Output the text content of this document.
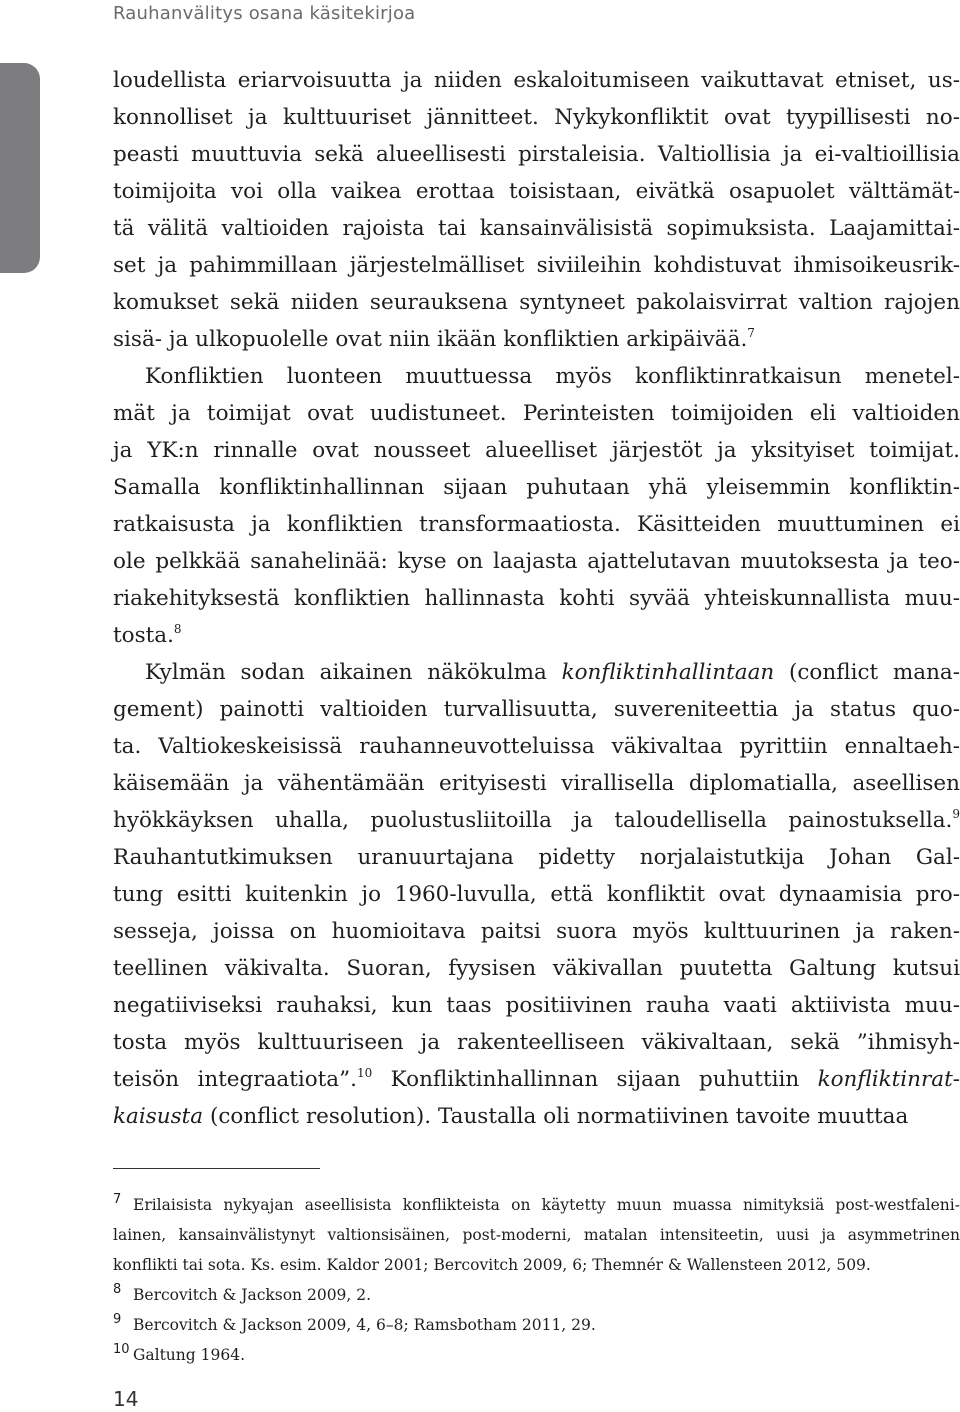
Rauhanvälitys osana käsitekirjoa
loudellista eriarvoisuutta ja niiden eskaloitumiseen vaikuttavat etniset, us-
konnolliset ja kulttuuriset jännitteet. Nykykonfliktit ovat tyypillisesti no-
peasti muuttuvia sekä alueellisesti pirstaleisia. Valtiollisia ja ei-valtioillisia
toimijoita voi olla vaikea erottaa toisistaan, eivätkä osapuolet välttämät-
tä välitä valtioiden rajoista tai kansainvälisistä sopimuksista. Laajamittai-
set ja pahimmillaan järjestelmälliset siviileihin kohdistuvat ihmisoikeusrik-
komukset sekä niiden seurauksena syntyneet pakolaisvirrat valtion rajojen
sisä- ja ulkopuolelle ovat niin ikään konfliktien arkipäivää.$^7$
Konfliktien luonteen muuttuessa myös konfliktinratkaisun menetel-
mät ja toimijat ovat uudistuneet. Perinteisten toimijoiden eli valtioiden
ja YK:n rinnalle ovat nousseet alueelliset järjestöt ja yksityiset toimijat.
Samalla konfliktinhallinnan sijaan puhutaan yhä yleisemmin konfliktin-
ratkaisusta ja konfliktien transformaatiosta. Käsitteiden muuttuminen ei
ole pelkkää sanahelinää: kyse on laajasta ajattelutavan muutoksesta ja teo-
riakehityksestä konfliktien hallinnasta kohti syvää yhteiskunnallista muu-
tosta.$^8$
Kylmän sodan aikainen näkökulma konfliktinhallintaan (conflict mana-
gement) painotti valtioiden turvallisuutta, suvereniteettia ja status quo-
ta. Valtiokeskeisissä rauhanneuvotteluissa väkivaltaa pyrittiin ennaltaeh-
käisemään ja vähentämään erityisesti virallisella diplomatialla, aseellisen
hyökkäyksen uhalla, puolustusliitoilla ja taloudellisella painostuksella.$^9$
Rauhantutkimuksen uranuurtajana pidetty norjalaistutkija Johan Gal-
tung esitti kuitenkin jo 1960-luvulla, että konfliktit ovat dynaamisia pro-
sesseja, joissa on huomioitava paitsi suora myös kulttuurinen ja raken-
teellinen väkivalta. Suoran, fyysisen väkivallan puutetta Galtung kutsui
negatiiviseksi rauhaksi, kun taas positiivinen rauha vaati aktiivista muu-
tosta myös kulttuuriseen ja rakenteelliseen väkivaltaan, sekä ”ihmisyh-
teisön integraatiota”.$^{10}$ Konfliktinhallinnan sijaan puhuttiin konfliktinrat-
kaisusta (conflict resolution). Taustalla oli normatiivinen tavoite muuttaa
7 Erilaisista nykyajan aseellisista konflikteista on käytetty muun muassa nimityksiä post-westfaleni-
lainen, kansainvälistynyt valtionsisäinen, post-moderni, matalan intensiteetin, uusi ja asymmetrinen
konflikti tai sota. Ks. esim. Kaldor 2001; Bercovitch 2009, 6; Themnér & Wallensteen 2012, 509.
8 Bercovitch & Jackson 2009, 2.
9 Bercovitch & Jackson 2009, 4, 6–8; Ramsbotham 2011, 29.
10 Galtung 1964.
14
